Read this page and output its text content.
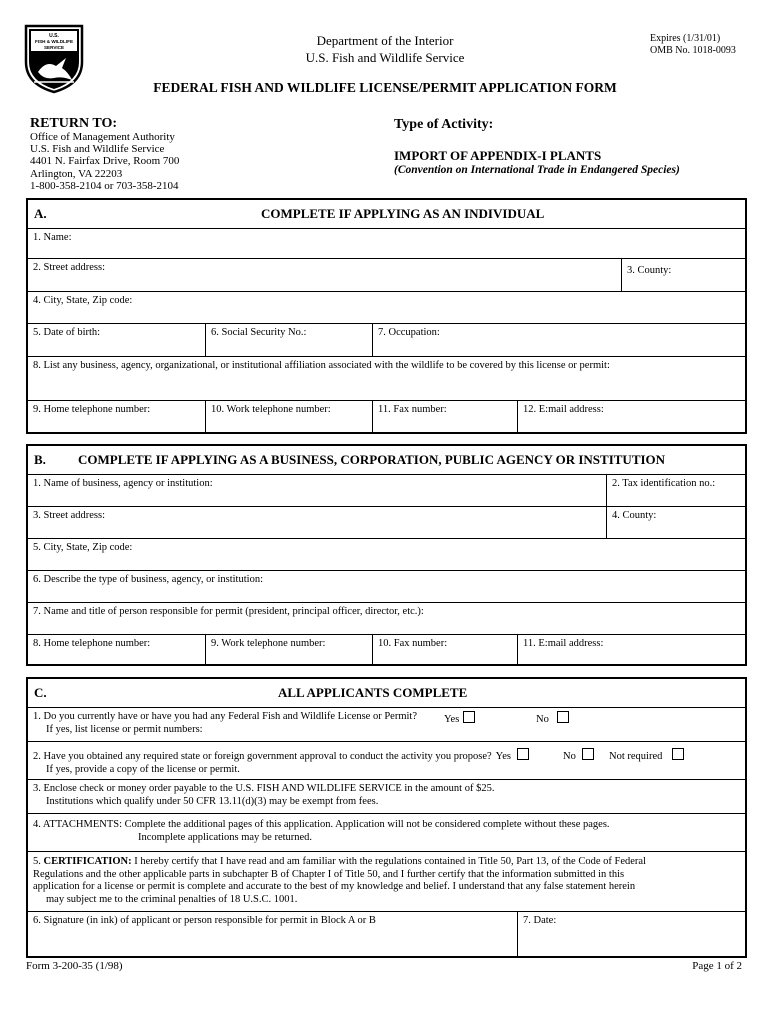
U.S.
FISH & WILDLIFE
SERVICE	Department of the Interior
U.S. Fish and Wildlife Service
Expires (1/31/01)
OMB No. 1018-0093
FEDERAL FISH AND WILDLIFE LICENSE/PERMIT APPLICATION FORM
RETURN TO:
Office of Management Authority
U.S. Fish and Wildlife Service
4401 N. Fairfax Drive, Room 700
Arlington, VA 22203
1-800-358-2104 or 703-358-2104
Type of Activity:
IMPORT OF APPENDIX-I PLANTS
(Convention on International Trade in Endangered Species)
A.	COMPLETE IF APPLYING AS AN INDIVIDUAL
1. Name:
2. Street address:	3. County:
4. City, State, Zip code:
5. Date of birth:	6. Social Security No.:	7. Occupation:
8. List any business, agency, organizational, or institutional affiliation associated with the wildlife to be covered by this license or permit:
9. Home telephone number:	10. Work telephone number:	11. Fax number:	12. E:mail address:
B. COMPLETE IF APPLYING AS A BUSINESS, CORPORATION, PUBLIC AGENCY OR INSTITUTION
1. Name of business, agency or institution:	2. Tax identification no.:
3. Street address:	4. County:
5. City, State, Zip code:
6. Describe the type of business, agency, or institution:
7. Name and title of person responsible for permit (president, principal officer, director, etc.):
8. Home telephone number:	9. Work telephone number:	10. Fax number:	11. E:mail address:
C.	ALL APPLICANTS COMPLETE
1. Do you currently have or have you had any Federal Fish and Wildlife License or Permit?	Yes	No
If yes, list license or permit numbers:
2. Have you obtained any required state or foreign government approval to conduct the activity you propose? Yes	No	Not required
If yes, provide a copy of the license or permit.
3. Enclose check or money order payable to the U.S. FISH AND WILDLIFE SERVICE in the amount of $25.
Institutions which qualify under 50 CFR 13.11(d)(3) may be exempt from fees.
4. ATTACHMENTS: Complete the additional pages of this application. Application will not be considered complete without these pages.
Incomplete applications may be returned.
5. CERTIFICATION: I hereby certify that I have read and am familiar with the regulations contained in Title 50, Part 13, of the Code of Federal
Regulations and the other applicable parts in subchapter B of Chapter I of Title 50, and I further certify that the information submitted in this
application for a license or permit is complete and accurate to the best of my knowledge and belief. I understand that any false statement herein
may subject me to the criminal penalties of 18 U.S.C. 1001.
6. Signature (in ink) of applicant or person responsible for permit in Block A or B	7. Date:
Form 3-200-35 (1/98)	Page 1 of 2
